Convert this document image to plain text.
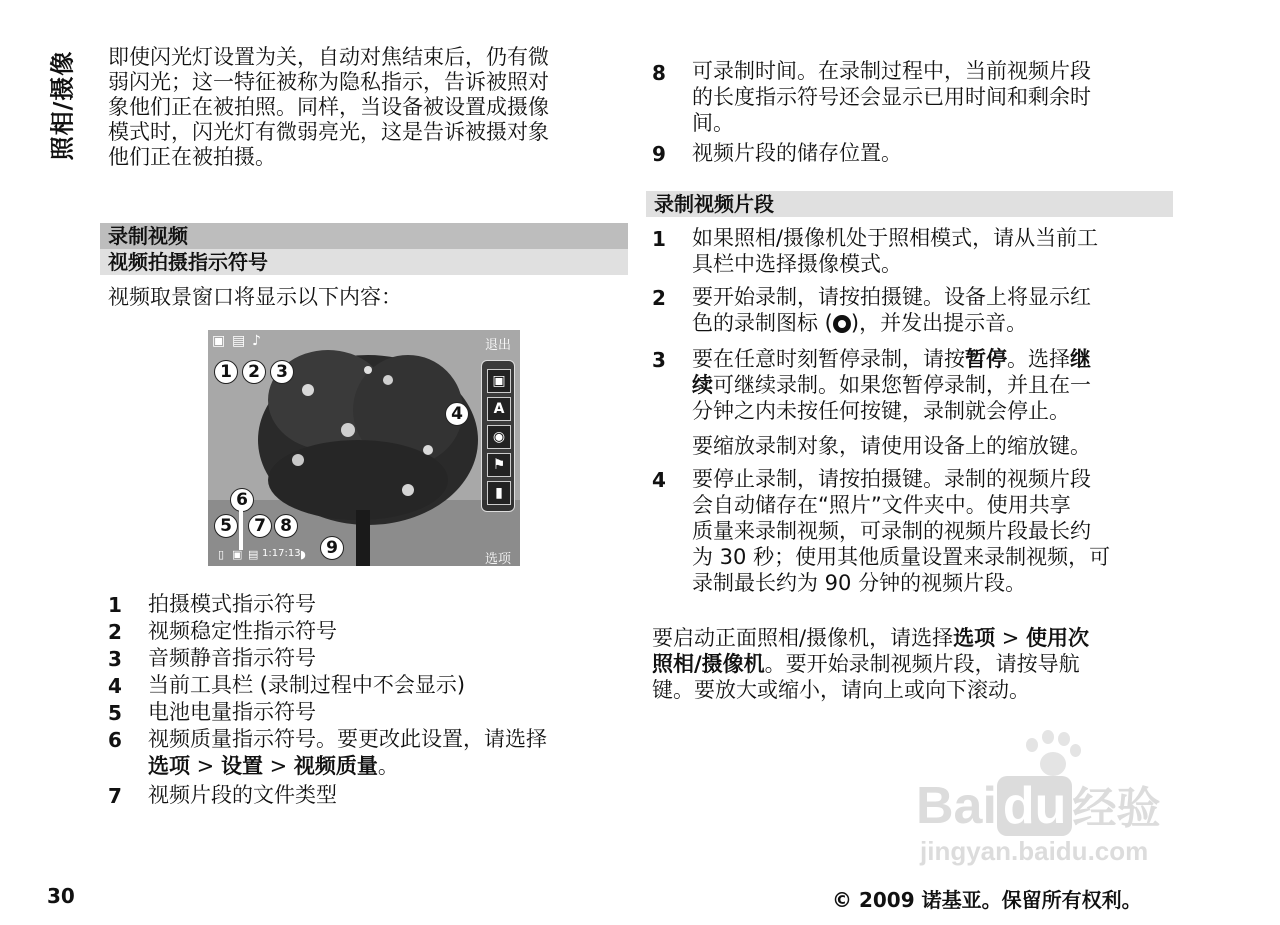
照相/摄像 即使闪光灯设置为关，自动对焦结束后，仍有微
弱闪光；这一特征被称为隐私指示，告诉被照对
象他们正在被拍照。同样，当设备被设置成摄像
模式时，闪光灯有微弱亮光，这是告诉被摄对象
他们正在被拍摄。
录制视频
视频拍摄指示符号
视频取景窗口将显示以下内容：
▣ ▤ ♪	退出
1 2 3
4
5
6
7 8
9
▣
A
◉
⚑
▮
▯ ▣ ▤ 1:17:13 ◗	选项
1 拍摄模式指示符号
2 视频稳定性指示符号
3 音频静音指示符号
4 当前工具栏 (录制过程中不会显示)
5 电池电量指示符号
6 视频质量指示符号。要更改此设置，请选择
选项 > 设置 > 视频质量。
7 视频片段的文件类型
8 可录制时间。在录制过程中，当前视频片段
的长度指示符号还会显示已用时间和剩余时
间。
9 视频片段的储存位置。
录制视频片段
1 如果照相/摄像机处于照相模式，请从当前工
具栏中选择摄像模式。
2 要开始录制，请按拍摄键。设备上将显示红
色的录制图标 ( )，并发出提示音。
3 要在任意时刻暂停录制，请按暂停。选择继
续可继续录制。如果您暂停录制，并且在一
分钟之内未按任何按键，录制就会停止。
要缩放录制对象，请使用设备上的缩放键。
4 要停止录制，请按拍摄键。录制的视频片段
会自动储存在“照片”文件夹中。使用共享
质量来录制视频，可录制的视频片段最长约
为 30 秒；使用其他质量设置来录制视频，可
录制最长约为 90 分钟的视频片段。
要启动正面照相/摄像机，请选择选项 > 使用次
照相/摄像机。要开始录制视频片段，请按导航
键。要放大或缩小，请向上或向下滚动。
Bai du 经验
jingyan.baidu.com
30	© 2009 诺基亚。保留所有权利。
